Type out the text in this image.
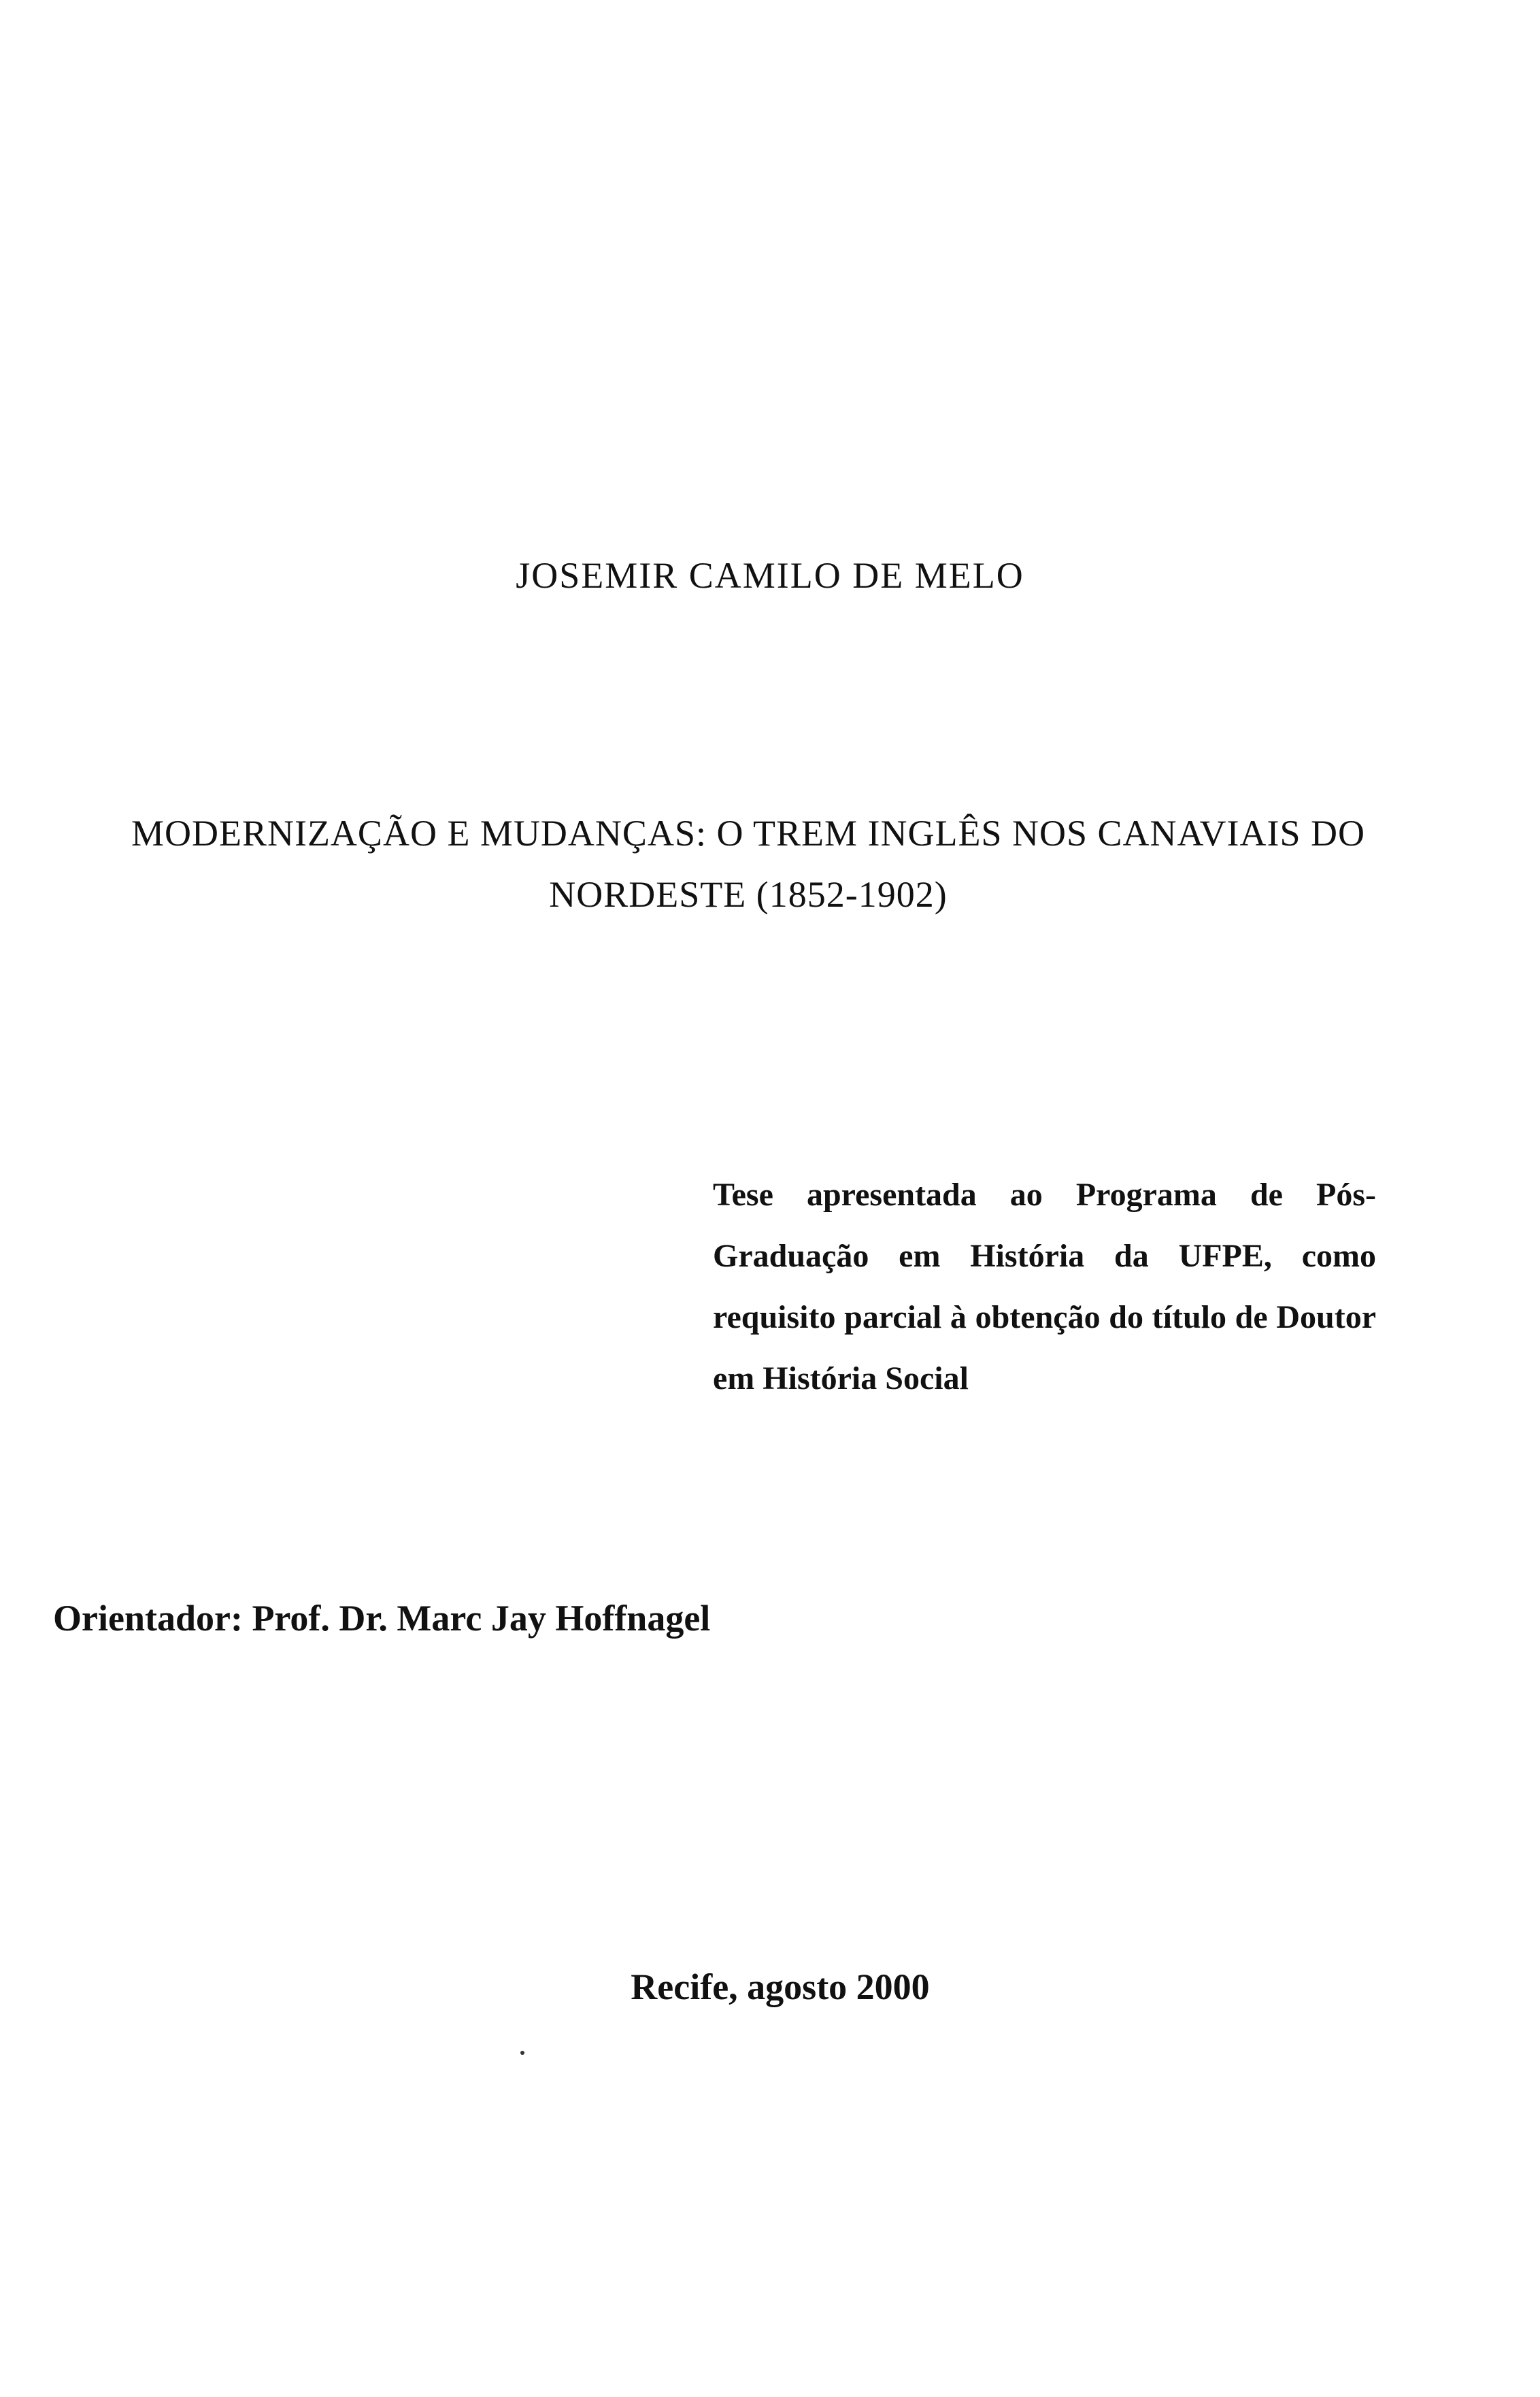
JOSEMIR CAMILO DE MELO
MODERNIZAÇÃO E MUDANÇAS: O TREM INGLÊS NOS CANAVIAIS DO
NORDESTE (1852-1902)
Tese apresentada ao Programa de Pós-Graduação em História da UFPE, como requisito parcial à obtenção do título de Doutor em História Social
Orientador: Prof. Dr. Marc Jay Hoffnagel
Recife, agosto 2000
